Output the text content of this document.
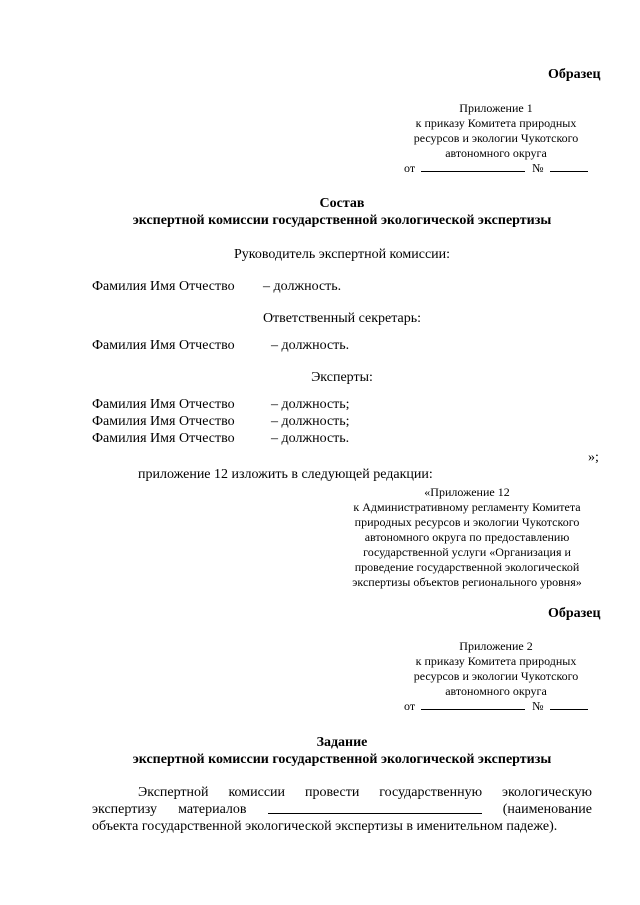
Образец
Приложение 1
к приказу Комитета природных
ресурсов и экологии Чукотского
автономного округа
от	№
Состав
экспертной комиссии государственной экологической экспертизы
Руководитель экспертной комиссии:
Фамилия Имя Отчество – должность.
Ответственный секретарь:
Фамилия Имя Отчество	– должность.
Эксперты:
Фамилия Имя Отчество	– должность;
Фамилия Имя Отчество	– должность;
Фамилия Имя Отчество	– должность.
»;
приложение 12 изложить в следующей редакции:
«Приложение 12
к Административному регламенту Комитета
природных ресурсов и экологии Чукотского
автономного округа по предоставлению
государственной услуги «Организация и
проведение государственной экологической
экспертизы объектов регионального уровня»
Образец
Приложение 2
к приказу Комитета природных
ресурсов и экологии Чукотского
автономного округа
от	№
Задание
экспертной комиссии государственной экологической экспертизы
Экспертной комиссии провести государственную экологическую
экспертизу материалов	(наименование
объекта государственной экологической экспертизы в именительном падеже).
